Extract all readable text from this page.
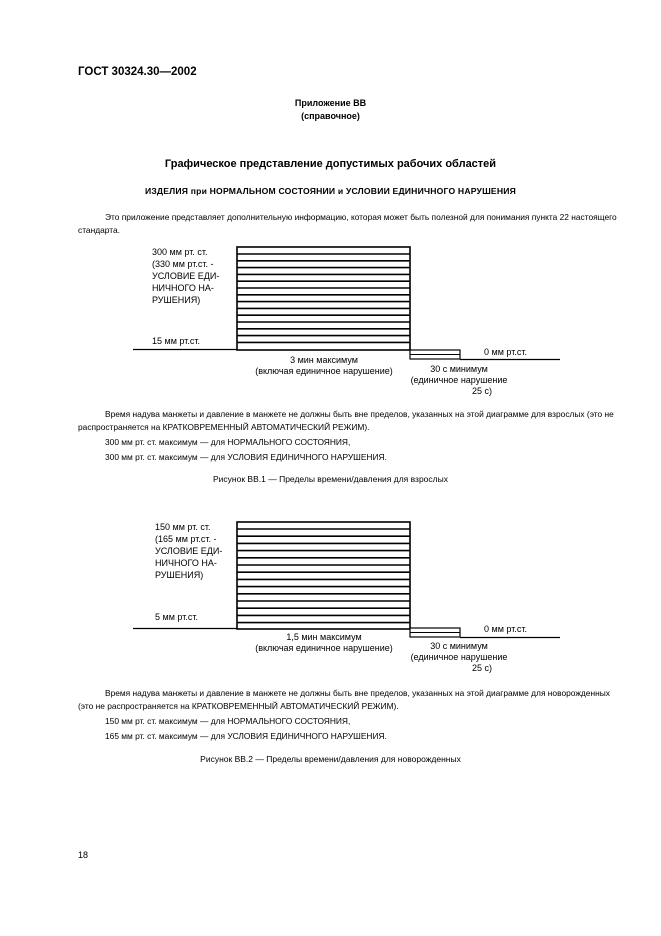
ГОСТ 30324.30—2002
Приложение ВВ
(справочное)
Графическое представление допустимых рабочих областей
ИЗДЕЛИЯ при НОРМАЛЬНОМ СОСТОЯНИИ и УСЛОВИИ ЕДИНИЧНОГО НАРУШЕНИЯ

Это приложение представляет дополнительную информацию, которая может быть полезной для понимания пункта 22 настоящего стандарта.

300 мм рт. ст.
(330 мм рт.ст. -
УСЛОВИЕ ЕДИ-
НИЧНОГО НА-
РУШЕНИЯ)
15 мм рт.ст.
0 мм рт.ст.
3 мин максимум
(включая единичное нарушение)	30 с минимум
(единичное нарушение
25 с)

Время надува манжеты и давление в манжете не должны быть вне пределов, указанных на этой диаграмме для взрослых (это не распространяется на КРАТКОВРЕМЕННЫЙ АВТОМАТИЧЕСКИЙ РЕЖИМ).

300 мм рт. ст. максимум — для НОРМАЛЬНОГО СОСТОЯНИЯ,

300 мм рт. ст. максимум — для УСЛОВИЯ ЕДИНИЧНОГО НАРУШЕНИЯ.

Рисунок ВВ.1 — Пределы времени/давления для взрослых
150 мм рт. ст.
(165 мм рт.ст. -
УСЛОВИЕ ЕДИ-
НИЧНОГО НА-
РУШЕНИЯ)
5 мм рт.ст.
0 мм рт.ст.
1,5 мин максимум
(включая единичное нарушение)	30 с минимум
(единичное нарушение
25 с)

Время надува манжеты и давление в манжете не должны быть вне пределов, указанных на этой диаграмме для новорожденных (это не распространяется на КРАТКОВРЕМЕННЫЙ АВТОМАТИЧЕСКИЙ РЕЖИМ).

150 мм рт. ст. максимум — для НОРМАЛЬНОГО СОСТОЯНИЯ,

165 мм рт. ст. максимум — для УСЛОВИЯ ЕДИНИЧНОГО НАРУШЕНИЯ.

Рисунок ВВ.2 — Пределы времени/давления для новорожденных
18
